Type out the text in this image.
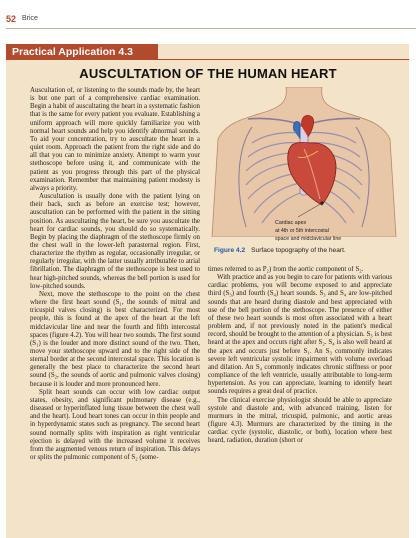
52 Brice
Practical Application 4.3
AUSCULTATION OF THE HUMAN HEART

Auscultation of, or listening to the sounds made by, the heart is but one part of a comprehensive cardiac examination. Begin a habit of auscultating the heart in a systematic fashion that is the same for every patient you evaluate. Establishing a uniform approach will more quickly familiarize you with normal heart sounds and help you identify abnormal sounds. To aid your concentration, try to auscultate the heart in a quiet room. Approach the patient from the right side and do all that you can to minimize anxiety. Attempt to warm your stethoscope before using it, and communicate with the patient as you progress through this part of the physical examination. Remember that maintaining patient modesty is always a priority.

Auscultation is usually done with the patient lying on their back, such as before an exercise test; however, auscultation can be performed with the patient in the sitting position. As auscultating the heart, be sure you auscultate the heart for cardiac sounds, you should do so systematically. Begin by placing the diaphragm of the stethoscope firmly on the chest wall in the lower-left parasternal region. First, characterize the rhythm as regular, occasionally irregular, or regularly irregular, with the latter usually attributable to atrial fibrillation. The diaphragm of the stethoscope is best used to hear high-pitched sounds, whereas the bell portion is used for low-pitched sounds.

Next, move the stethoscope to the point on the chest where the first heart sound (S₁, the sounds of mitral and tricuspid valves closing) is best characterized. For most people, this is found at the apex of the heart at the left midclavicular line and near the fourth and fifth intercostal spaces (figure 4.2). You will hear two sounds. The first sound (S₁) is the louder and more distinct sound of the two. Then, move your stethoscope upward and to the right side of the sternal border at the second intercostal space. This location is generally the best place to characterize the second heart sound (S₂, the sounds of aortic and pulmonic valves closing) because it is louder and more pronounced here.

Split heart sounds can occur with low cardiac output states, obesity, and significant pulmonary disease (e.g., diseased or hyperinflated lung tissue between the chest wall and the heart). Loud heart tones can occur in thin people and in hyperdynamic states such as pregnancy. The second heart sound normally splits with inspiration as right ventricular ejection is delayed with the increased volume it receives from the augmented venous return of inspiration. This delays or splits the pulmonic component of S₂ (some-

Cardiac apex
at 4th or 5th intercostal
space and midclavicular line
Figure 4.2 Surface topography of the heart.

times referred to as P₂) from the aortic component of S₂.

With practice and as you begin to care for patients with various cardiac problems, you will become exposed to and appreciate third (S₃) and fourth (S₄) heart sounds. S₃ and S₄ are low-pitched sounds that are heard during diastole and best appreciated with use of the bell portion of the stethoscope. The presence of either of these two heart sounds is most often associated with a heart problem and, if not previously noted in the patient's medical record, should be brought to the attention of a physician. S₃ is best heard at the apex and occurs right after S₂. S₄ is also well heard at the apex and occurs just before S₁. An S₃ commonly indicates severe left ventricular systolic impairment with volume overload and dilation. An S₄ commonly indicates chronic stiffness or poor compliance of the left ventricle, usually attributable to long-term hypertension. As you can appreciate, learning to identify heart sounds requires a great deal of practice.

The clinical exercise physiologist should be able to appreciate systole and diastole and, with advanced training, listen for murmurs in the mitral, tricuspid, pulmonic, and aortic areas (figure 4.3). Murmurs are characterized by the timing in the cardiac cycle (systolic, diastolic, or both), location where best heard, radiation, duration (short or
